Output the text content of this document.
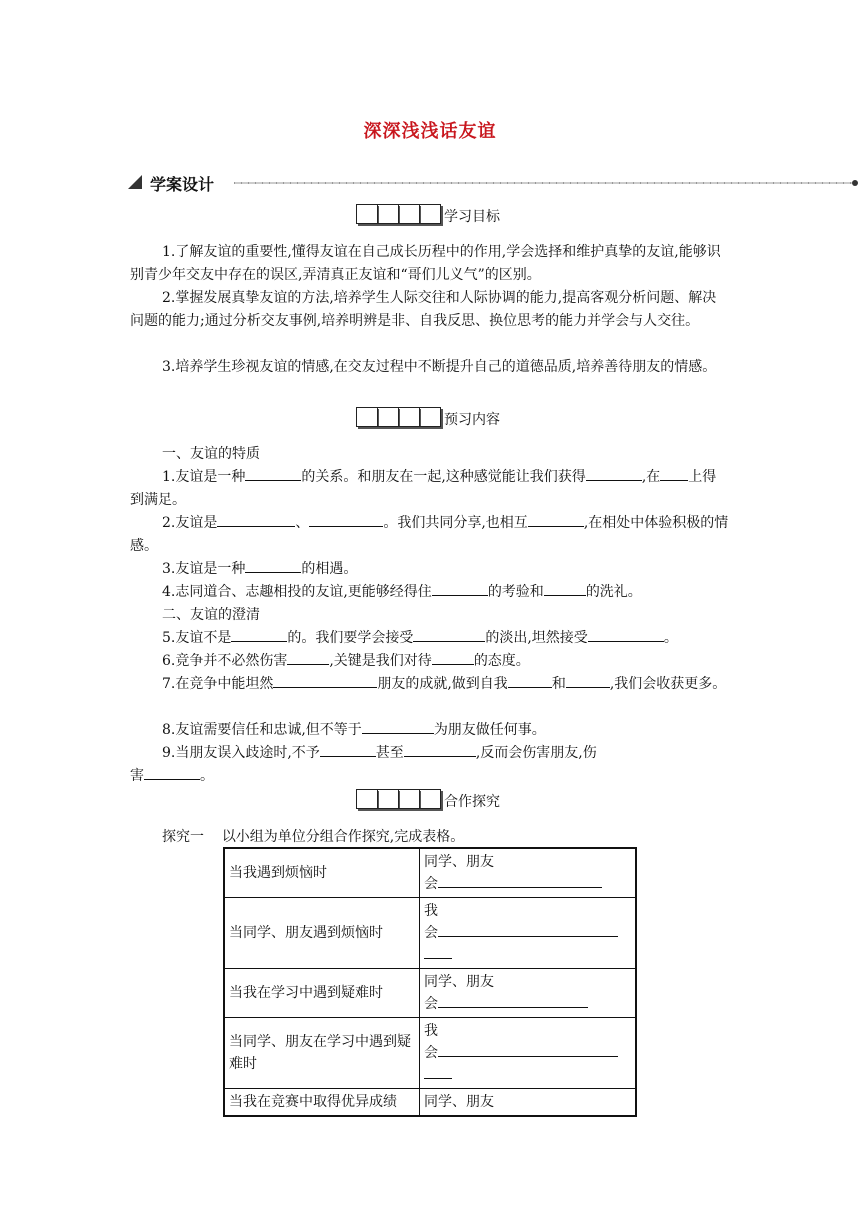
深深浅浅话友谊
学案设计
学习目标

1.了解友谊的重要性,懂得友谊在自己成长历程中的作用,学会选择和维护真挚的友谊,能够识别青少年交友中存在的误区,弄清真正友谊和“哥们儿义气”的区别。

2.掌握发展真挚友谊的方法,培养学生人际交往和人际协调的能力,提高客观分析问题、解决问题的能力;通过分析交友事例,培养明辨是非、自我反思、换位思考的能力并学会与人交往。

3.培养学生珍视友谊的情感,在交友过程中不断提升自己的道德品质,培养善待朋友的情感。

预习内容

一、友谊的特质

1.友谊是一种	的关系。和朋友在一起,这种感觉能让我们获得	,在 上得到满足。

2.友谊是	、	。我们共同分享,也相互	,在相处中体验积极的情感。

3.友谊是一种	的相遇。

4.志同道合、志趣相投的友谊,更能够经得住	的考验和	的洗礼。

二、友谊的澄清

5.友谊不是	的。我们要学会接受	的淡出,坦然接受	。

6.竞争并不必然伤害	,关键是我们对待	的态度。

7.在竞争中能坦然	朋友的成就,做到自我	和	,我们会收获更多。

8.友谊需要信任和忠诚,但不等于	为朋友做任何事。

9.当朋友误入歧途时,不予	甚至	,反而会伤害朋友,伤

害	。

合作探究

探究一 以小组为单位分组合作探究,完成表格。

当我遇到烦恼时	同学、朋友
会

当同学、朋友遇到烦恼时	我
会

当我在学习中遇到疑难时	同学、朋友
会

当同学、朋友在学习中遇到疑难时	我
会

当我在竞赛中取得优异成绩	同学、朋友
